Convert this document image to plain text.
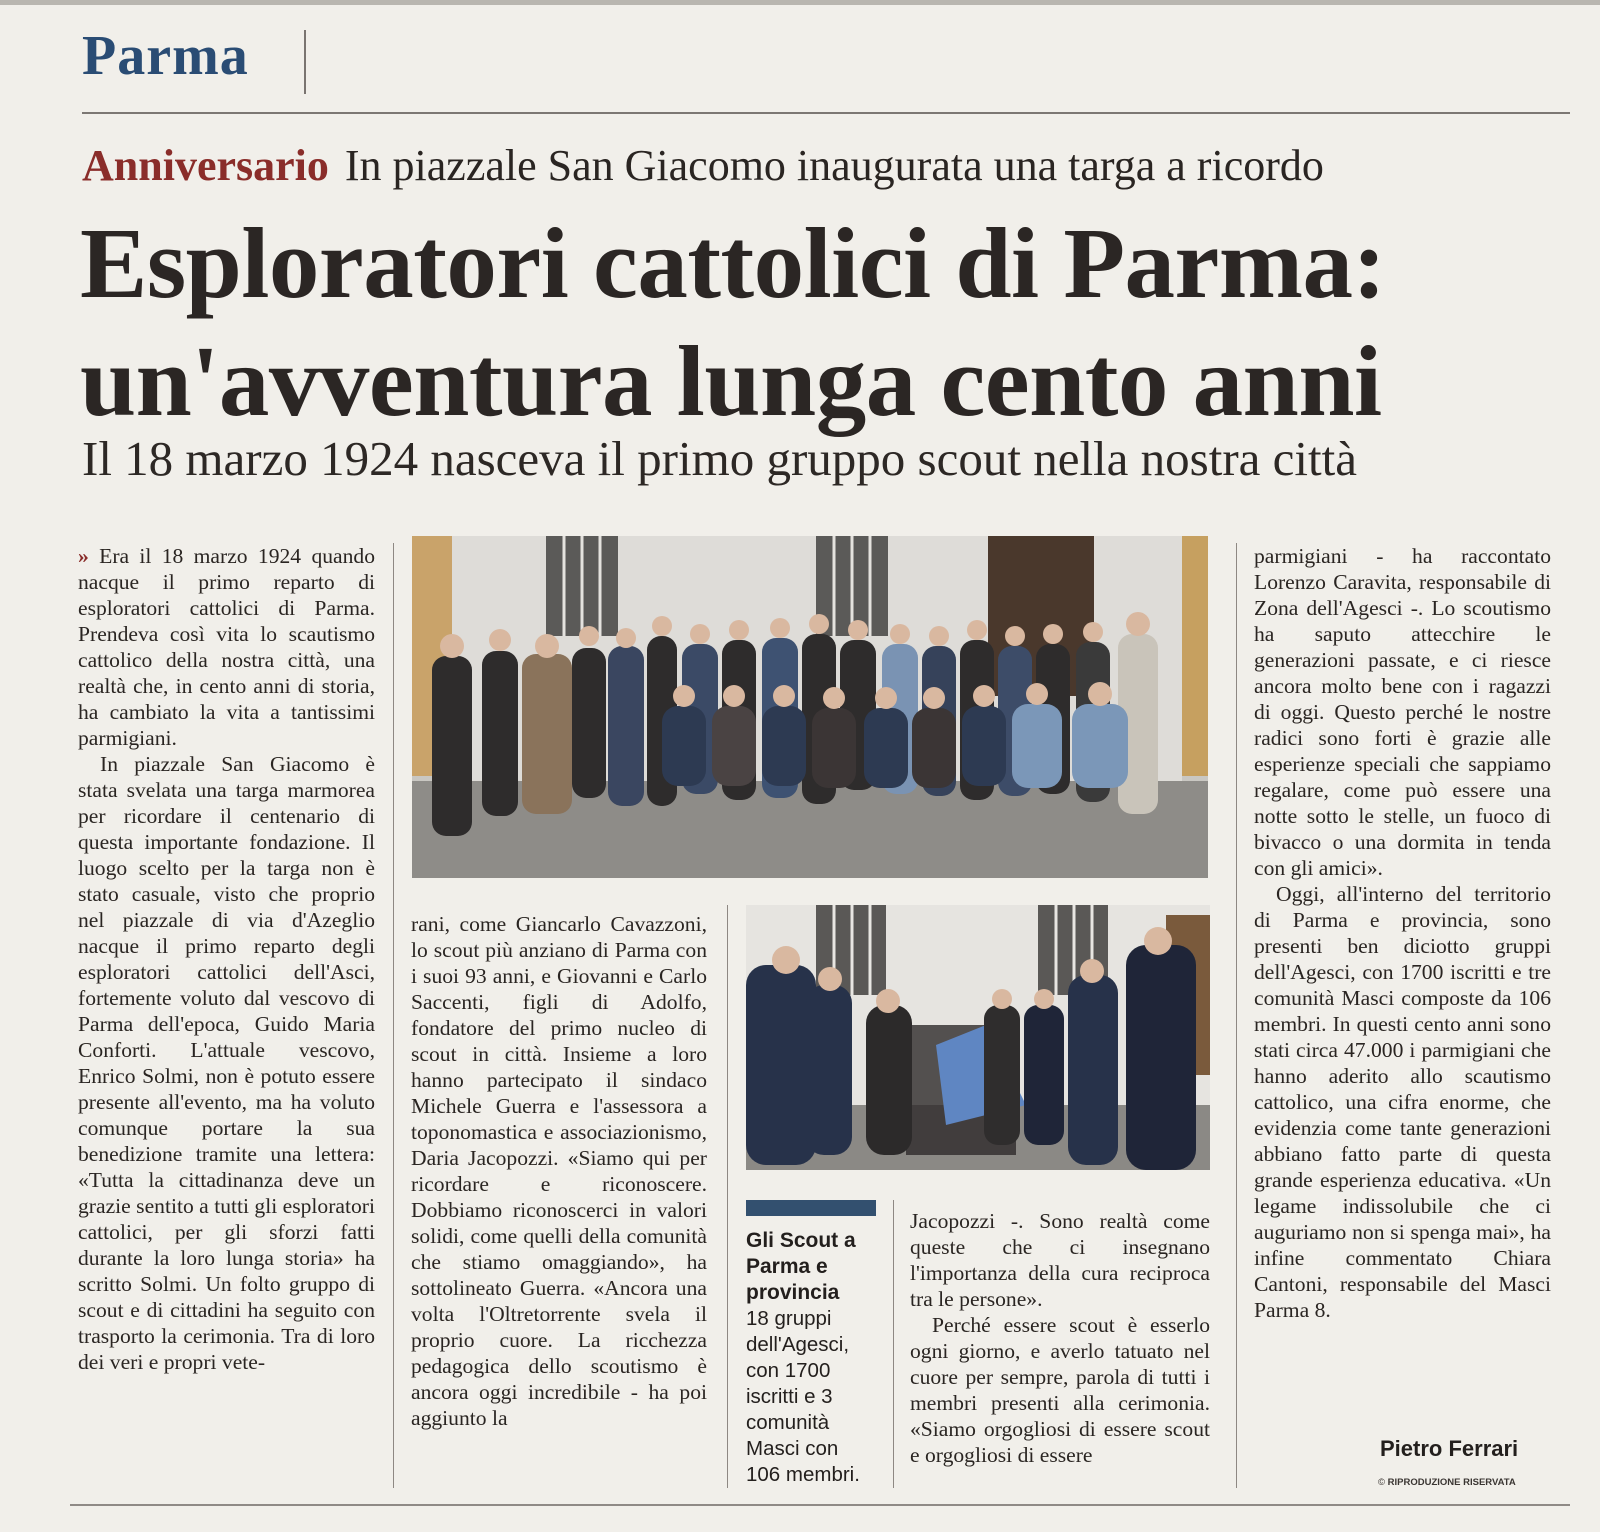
Parma
Anniversario In piazzale San Giacomo inaugurata una targa a ricordo
Esploratori cattolici di Parma:
un'avventura lunga cento anni
Il 18 marzo 1924 nasceva il primo gruppo scout nella nostra città

» Era il 18 marzo 1924 quando nacque il primo reparto di esploratori cattolici di Parma. Prendeva così vita lo scautismo cattolico della nostra città, una realtà che, in cento anni di storia, ha cambiato la vita a tantissimi parmigiani.

In piazzale San Giacomo è stata svelata una targa marmorea per ricordare il centenario di questa importante fondazione. Il luogo scelto per la targa non è stato casuale, visto che proprio nel piazzale di via d'Azeglio nacque il primo reparto degli esploratori cattolici dell'Asci, fortemente voluto dal vescovo di Parma dell'epoca, Guido Maria Conforti. L'attuale vescovo, Enrico Solmi, non è potuto essere presente all'evento, ma ha voluto comunque portare la sua benedizione tramite una lettera: «Tutta la cittadinanza deve un grazie sentito a tutti gli esploratori cattolici, per gli sforzi fatti durante la loro lunga storia» ha scritto Solmi. Un folto gruppo di scout e di cittadini ha seguito con trasporto la cerimonia. Tra di loro dei veri e propri vete-

rani, come Giancarlo Cavazzoni, lo scout più anziano di Parma con i suoi 93 anni, e Giovanni e Carlo Saccenti, figli di Adolfo, fondatore del primo nucleo di scout in città. Insieme a loro hanno partecipato il sindaco Michele Guerra e l'assessora a toponomastica e associazionismo, Daria Jacopozzi. «Siamo qui per ricordare e riconoscere. Dobbiamo riconoscerci in valori solidi, come quelli della comunità che stiamo omaggiando», ha sottolineato Guerra. «Ancora una volta l'Oltretorrente svela il proprio cuore. La ricchezza pedagogica dello scoutismo è ancora oggi incredibile - ha poi aggiunto la

Gli Scout a Parma e provincia
18 gruppi dell'Agesci, con 1700 iscritti e 3 comunità Masci con 106 membri.

Jacopozzi -. Sono realtà come queste che ci insegnano l'importanza della cura reciproca tra le persone».

Perché essere scout è esserlo ogni giorno, e averlo tatuato nel cuore per sempre, parola di tutti i membri presenti alla cerimonia. «Siamo orgogliosi di essere scout e orgogliosi di essere

parmigiani - ha raccontato Lorenzo Caravita, responsabile di Zona dell'Agesci -. Lo scoutismo ha saputo attecchire le generazioni passate, e ci riesce ancora molto bene con i ragazzi di oggi. Questo perché le nostre radici sono forti è grazie alle esperienze speciali che sappiamo regalare, come può essere una notte sotto le stelle, un fuoco di bivacco o una dormita in tenda con gli amici».

Oggi, all'interno del territorio di Parma e provincia, sono presenti ben diciotto gruppi dell'Agesci, con 1700 iscritti e tre comunità Masci composte da 106 membri. In questi cento anni sono stati circa 47.000 i parmigiani che hanno aderito allo scautismo cattolico, una cifra enorme, che evidenzia come tante generazioni abbiano fatto parte di questa grande esperienza educativa. «Un legame indissolubile che ci auguriamo non si spenga mai», ha infine commentato Chiara Cantoni, responsabile del Masci Parma 8.

Pietro Ferrari
© RIPRODUZIONE RISERVATA
